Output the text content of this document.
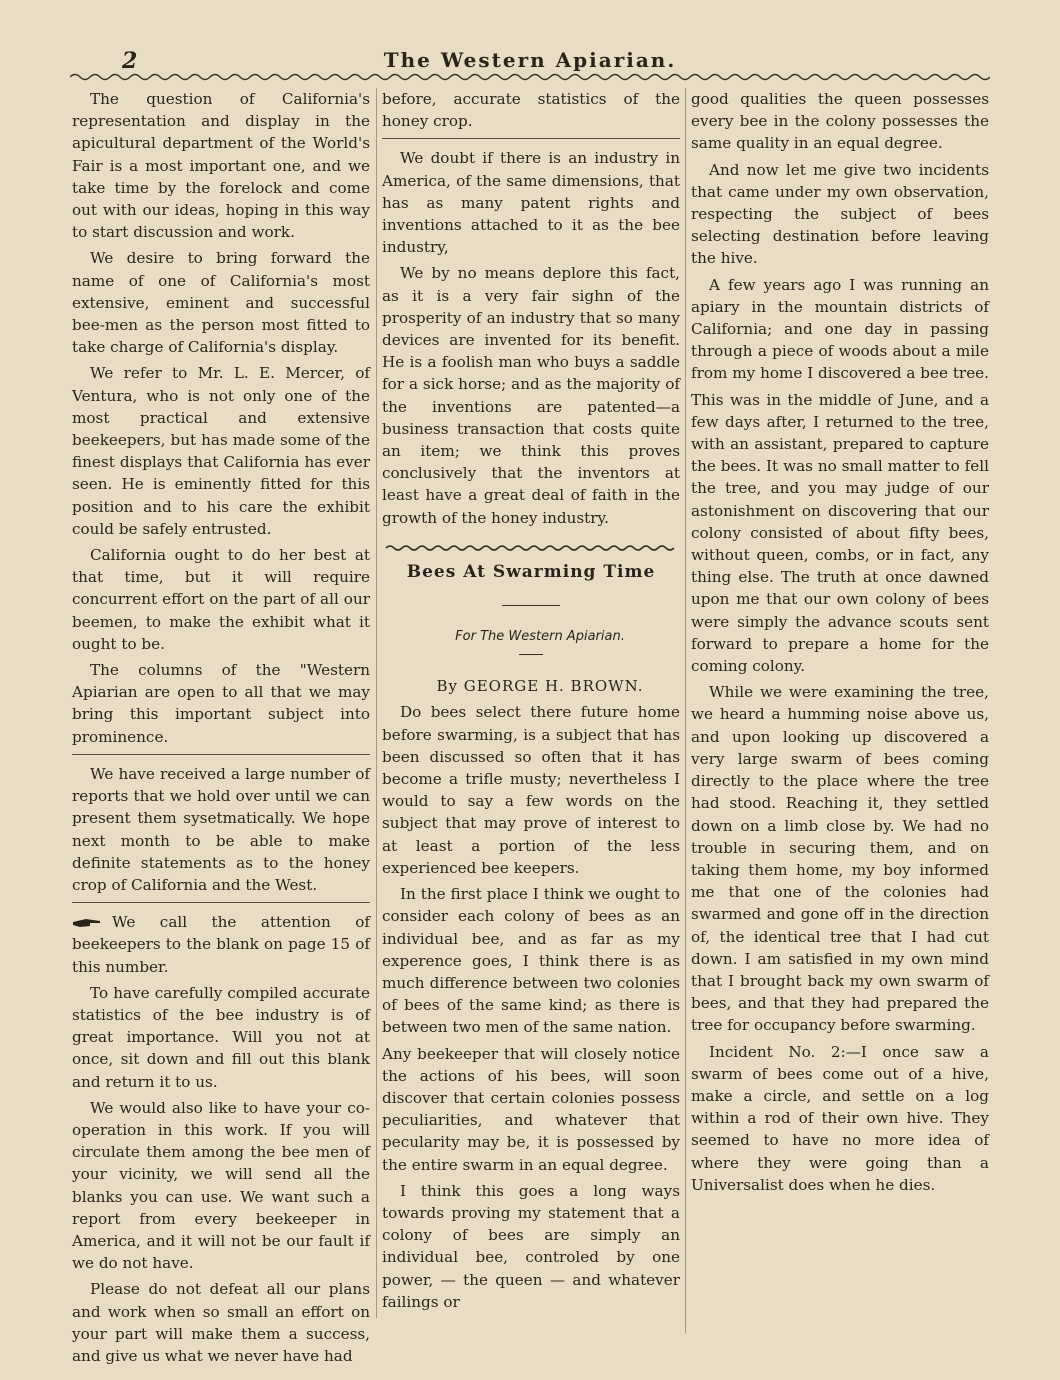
2	The Western Apiarian.

The question of California's representation and display in the apicultural department of the World's Fair is a most important one, and we take time by the forelock and come out with our ideas, hoping in this way to start discussion and work.

We desire to bring forward the name of one of California's most extensive, eminent and successful bee-men as the person most fitted to take charge of California's display.

We refer to Mr. L. E. Mercer, of Ventura, who is not only one of the most practical and extensive beekeepers, but has made some of the finest displays that California has ever seen. He is eminently fitted for this position and to his care the exhibit could be safely entrusted.

California ought to do her best at that time, but it will require concurrent effort on the part of all our beemen, to make the exhibit what it ought to be.

The columns of the "Western Apiarian are open to all that we may bring this important subject into prominence.

We have received a large number of reports that we hold over until we can present them sysetmatically. We hope next month to be able to make definite statements as to the honey crop of California and the West.

We call the attention of beekeepers to the blank on page 15 of this number.

To have carefully compiled accurate statistics of the bee industry is of great importance. Will you not at once, sit down and fill out this blank and return it to us.

We would also like to have your co-operation in this work. If you will circulate them among the bee men of your vicinity, we will send all the blanks you can use. We want such a report from every beekeeper in America, and it will not be our fault if we do not have.

Please do not defeat all our plans and work when so small an effort on your part will make them a success, and give us what we never have had

before, accurate statistics of the honey crop.

We doubt if there is an industry in America, of the same dimensions, that has as many patent rights and inventions attached to it as the bee industry,

We by no means deplore this fact, as it is a very fair sighn of the prosperity of an industry that so many devices are invented for its benefit. He is a foolish man who buys a saddle for a sick horse; and as the majority of the inventions are patented—a business transaction that costs quite an item; we think this proves conclusively that the inventors at least have a great deal of faith in the growth of the honey industry.

Bees At Swarming Time

For The Western Apiarian.

By GEORGE H. BROWN.

Do bees select there future home before swarming, is a subject that has been discussed so often that it has become a trifle musty; nevertheless I would to say a few words on the subject that may prove of interest to at least a portion of the less experienced bee keepers.

In the first place I think we ought to consider each colony of bees as an individual bee, and as far as my experence goes, I think there is as much difference between two colonies of bees of the same kind; as there is between two men of the same nation.

Any beekeeper that will closely notice the actions of his bees, will soon discover that certain colonies possess peculiarities, and whatever that pecularity may be, it is possessed by the entire swarm in an equal degree.

I think this goes a long ways towards proving my statement that a colony of bees are simply an individual bee, controled by one power, — the queen — and whatever failings or

good qualities the queen possesses every bee in the colony possesses the same quality in an equal degree.

And now let me give two incidents that came under my own observation, respecting the subject of bees selecting destination before leaving the hive.

A few years ago I was running an apiary in the mountain districts of California; and one day in passing through a piece of woods about a mile from my home I discovered a bee tree.

This was in the middle of June, and a few days after, I returned to the tree, with an assistant, prepared to capture the bees. It was no small matter to fell the tree, and you may judge of our astonishment on discovering that our colony consisted of about fifty bees, without queen, combs, or in fact, any thing else. The truth at once dawned upon me that our own colony of bees were simply the advance scouts sent forward to prepare a home for the coming colony.

While we were examining the tree, we heard a humming noise above us, and upon looking up discovered a very large swarm of bees coming directly to the place where the tree had stood. Reaching it, they settled down on a limb close by. We had no trouble in securing them, and on taking them home, my boy informed me that one of the colonies had swarmed and gone off in the direction of, the identical tree that I had cut down. I am satisfied in my own mind that I brought back my own swarm of bees, and that they had prepared the tree for occupancy before swarming.

Incident No. 2:—I once saw a swarm of bees come out of a hive, make a circle, and settle on a log within a rod of their own hive. They seemed to have no more idea of where they were going than a Universalist does when he dies.
